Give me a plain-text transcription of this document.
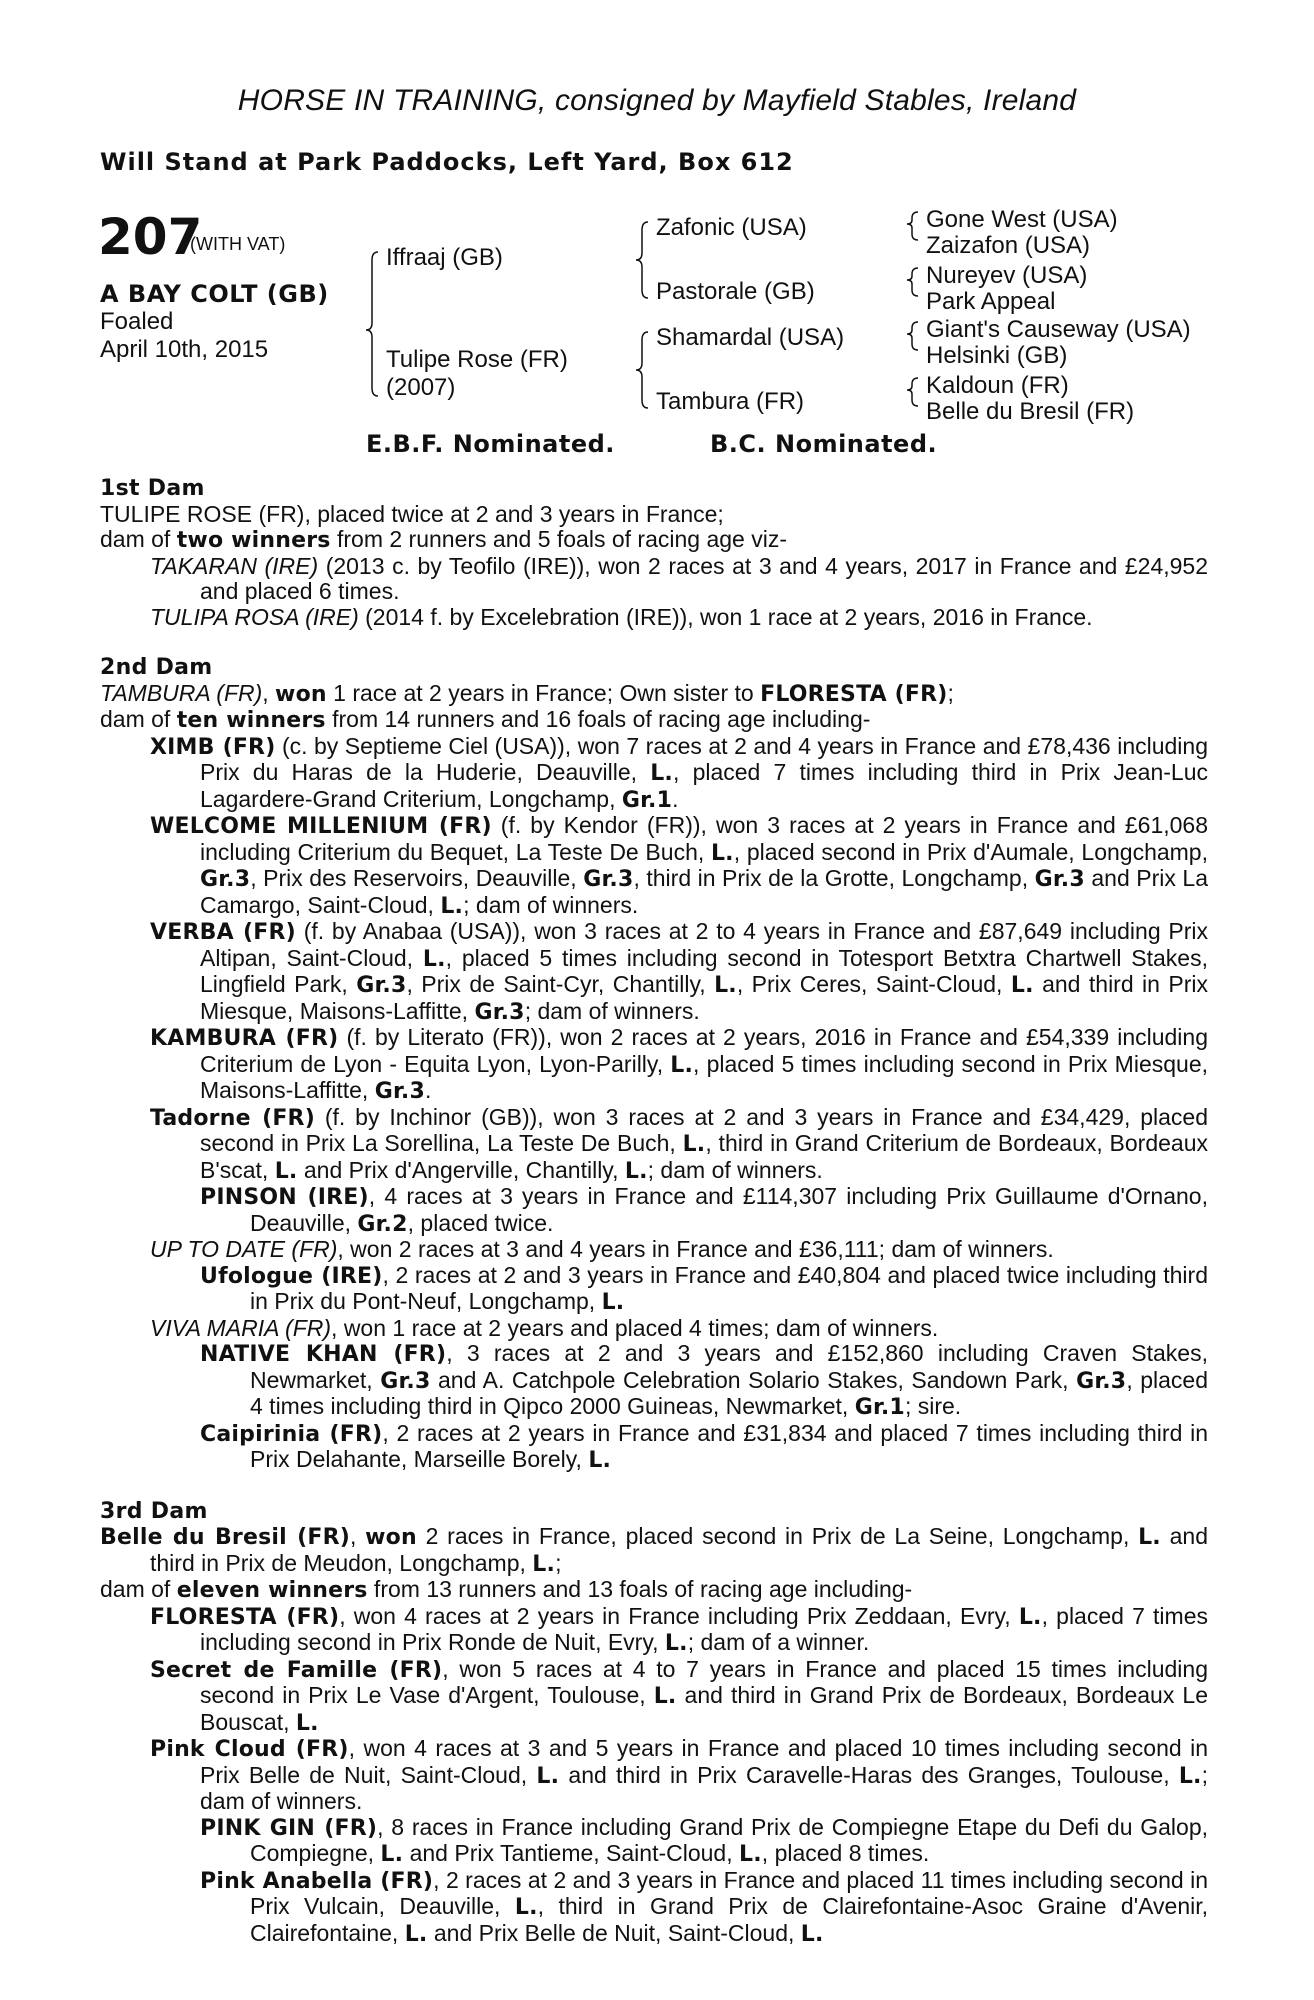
HORSE IN TRAINING, consigned by Mayfield Stables, Ireland
Will Stand at Park Paddocks, Left Yard, Box 612
207
(WITH VAT)
A BAY COLT (GB)
Foaled
April 10th, 2015
Iffraaj (GB)
Tulipe Rose (FR)
(2007)
Zafonic (USA)
Pastorale (GB)
Shamardal (USA)
Tambura (FR)
Gone West (USA)
Zaizafon (USA)
Nureyev (USA)
Park Appeal
Giant's Causeway (USA)
Helsinki (GB)
Kaldoun (FR)
Belle du Bresil (FR)
E.B.F. Nominated.	B.C. Nominated.
1st Dam
TULIPE ROSE (FR), placed twice at 2 and 3 years in France;
dam of two winners from 2 runners and 5 foals of racing age viz-
TAKARAN (IRE) (2013 c. by Teofilo (IRE)), won 2 races at 3 and 4 years, 2017 in France and £24,952 and placed 6 times.
TULIPA ROSA (IRE) (2014 f. by Excelebration (IRE)), won 1 race at 2 years, 2016 in France.
2nd Dam
TAMBURA (FR), won 1 race at 2 years in France; Own sister to FLORESTA (FR);
dam of ten winners from 14 runners and 16 foals of racing age including-
XIMB (FR) (c. by Septieme Ciel (USA)), won 7 races at 2 and 4 years in France and £78,436 including Prix du Haras de la Huderie, Deauville, L., placed 7 times including third in Prix Jean-Luc Lagardere-Grand Criterium, Longchamp, Gr.1.
WELCOME MILLENIUM (FR) (f. by Kendor (FR)), won 3 races at 2 years in France and £61,068 including Criterium du Bequet, La Teste De Buch, L., placed second in Prix d'Aumale, Longchamp, Gr.3, Prix des Reservoirs, Deauville, Gr.3, third in Prix de la Grotte, Longchamp, Gr.3 and Prix La Camargo, Saint-Cloud, L.; dam of winners.
VERBA (FR) (f. by Anabaa (USA)), won 3 races at 2 to 4 years in France and £87,649 including Prix Altipan, Saint-Cloud, L., placed 5 times including second in Totesport Betxtra Chartwell Stakes, Lingfield Park, Gr.3, Prix de Saint-Cyr, Chantilly, L., Prix Ceres, Saint-Cloud, L. and third in Prix Miesque, Maisons-Laffitte, Gr.3; dam of winners.
KAMBURA (FR) (f. by Literato (FR)), won 2 races at 2 years, 2016 in France and £54,339 including Criterium de Lyon - Equita Lyon, Lyon-Parilly, L., placed 5 times including second in Prix Miesque, Maisons-Laffitte, Gr.3.
Tadorne (FR) (f. by Inchinor (GB)), won 3 races at 2 and 3 years in France and £34,429, placed second in Prix La Sorellina, La Teste De Buch, L., third in Grand Criterium de Bordeaux, Bordeaux B'scat, L. and Prix d'Angerville, Chantilly, L.; dam of winners.
PINSON (IRE), 4 races at 3 years in France and £114,307 including Prix Guillaume d'Ornano, Deauville, Gr.2, placed twice.
UP TO DATE (FR), won 2 races at 3 and 4 years in France and £36,111; dam of winners.
Ufologue (IRE), 2 races at 2 and 3 years in France and £40,804 and placed twice including third in Prix du Pont-Neuf, Longchamp, L.
VIVA MARIA (FR), won 1 race at 2 years and placed 4 times; dam of winners.
NATIVE KHAN (FR), 3 races at 2 and 3 years and £152,860 including Craven Stakes, Newmarket, Gr.3 and A. Catchpole Celebration Solario Stakes, Sandown Park, Gr.3, placed 4 times including third in Qipco 2000 Guineas, Newmarket, Gr.1; sire.
Caipirinia (FR), 2 races at 2 years in France and £31,834 and placed 7 times including third in Prix Delahante, Marseille Borely, L.
3rd Dam
Belle du Bresil (FR), won 2 races in France, placed second in Prix de La Seine, Longchamp, L. and third in Prix de Meudon, Longchamp, L.;
dam of eleven winners from 13 runners and 13 foals of racing age including-
FLORESTA (FR), won 4 races at 2 years in France including Prix Zeddaan, Evry, L., placed 7 times including second in Prix Ronde de Nuit, Evry, L.; dam of a winner.
Secret de Famille (FR), won 5 races at 4 to 7 years in France and placed 15 times including second in Prix Le Vase d'Argent, Toulouse, L. and third in Grand Prix de Bordeaux, Bordeaux Le Bouscat, L.
Pink Cloud (FR), won 4 races at 3 and 5 years in France and placed 10 times including second in Prix Belle de Nuit, Saint-Cloud, L. and third in Prix Caravelle-Haras des Granges, Toulouse, L.; dam of winners.
PINK GIN (FR), 8 races in France including Grand Prix de Compiegne Etape du Defi du Galop, Compiegne, L. and Prix Tantieme, Saint-Cloud, L., placed 8 times.
Pink Anabella (FR), 2 races at 2 and 3 years in France and placed 11 times including second in Prix Vulcain, Deauville, L., third in Grand Prix de Clairefontaine-Asoc Graine d'Avenir, Clairefontaine, L. and Prix Belle de Nuit, Saint-Cloud, L.
